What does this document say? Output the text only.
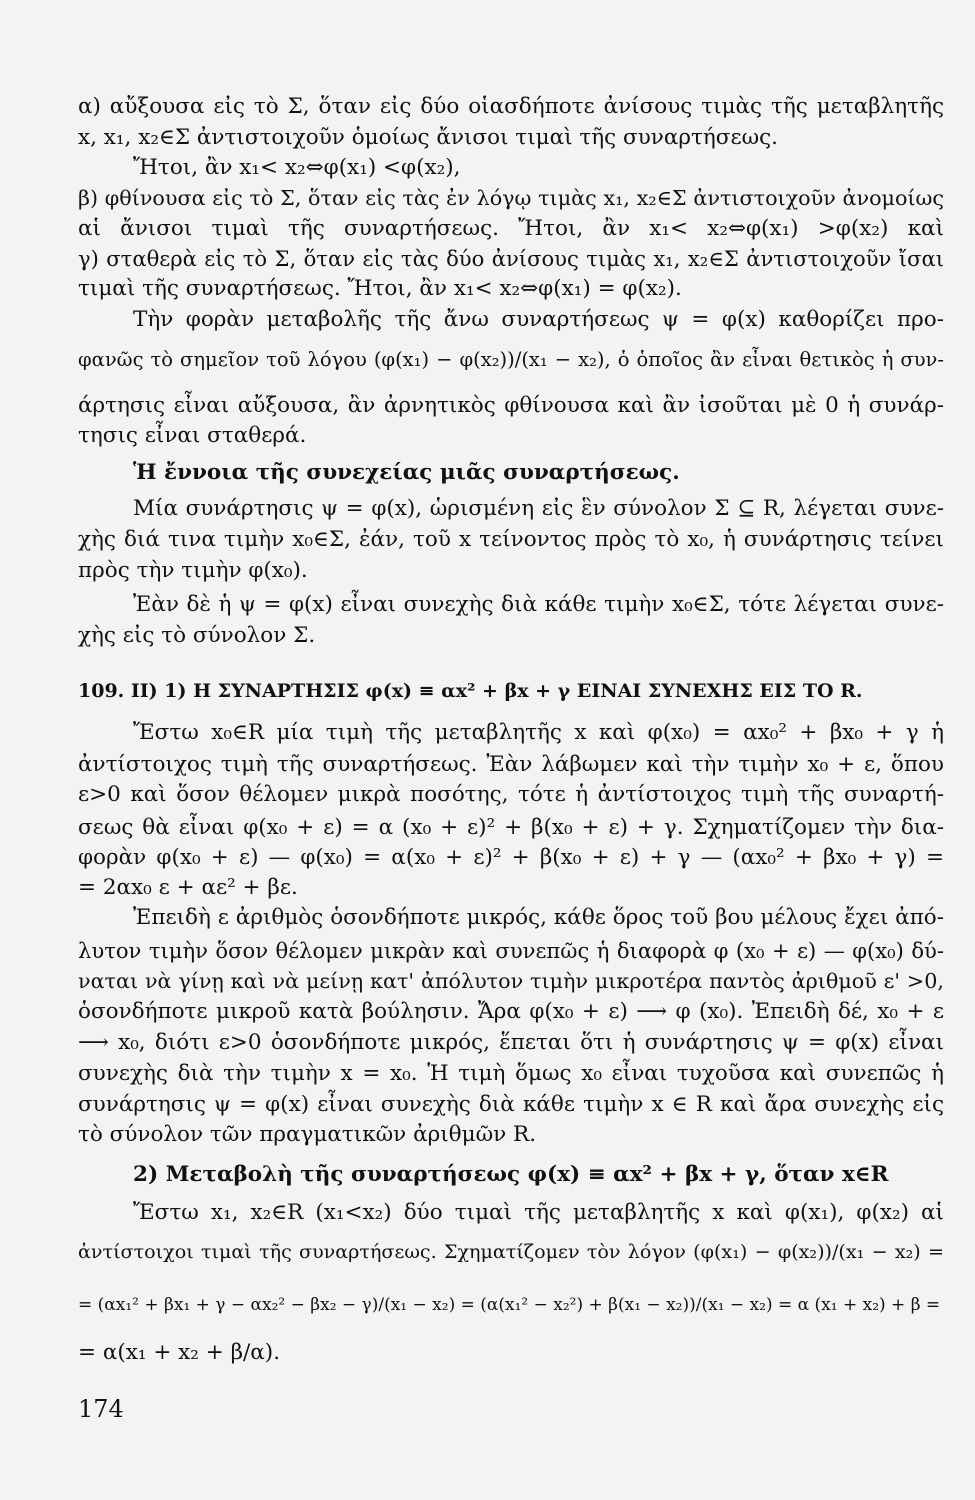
α) αὔξουσα εἰς τὸ Σ, ὅταν εἰς δύο οἱασδήποτε ἀνίσους τιμὰς τῆς μεταβλητῆς
x, x₁, x₂∈Σ ἀντιστοιχοῦν ὁμοίως ἄνισοι τιμαὶ τῆς συναρτήσεως.
Ἤτοι, ἂν x₁< x₂⇔φ(x₁) <φ(x₂),
β) φθίνουσα εἰς τὸ Σ, ὅταν εἰς τὰς ἐν λόγῳ τιμὰς x₁, x₂∈Σ ἀντιστοιχοῦν ἀνομοίως
αἱ ἄνισοι τιμαὶ τῆς συναρτήσεως. Ἤτοι, ἂν x₁< x₂⇔φ(x₁) >φ(x₂) καὶ
γ) σταθερὰ εἰς τὸ Σ, ὅταν εἰς τὰς δύο ἀνίσους τιμὰς x₁, x₂∈Σ ἀντιστοιχοῦν ἴσαι
τιμαὶ τῆς συναρτήσεως. Ἤτοι, ἂν x₁< x₂⇔φ(x₁) = φ(x₂).
Τὴν φορὰν μεταβολῆς τῆς ἄνω συναρτήσεως ψ = φ(x) καθορίζει προ-
φανῶς τὸ σημεῖον τοῦ λόγου (φ(x₁) − φ(x₂))/(x₁ − x₂), ὁ ὁποῖος ἂν εἶναι θετικὸς ἡ συν-
άρτησις εἶναι αὔξουσα, ἂν ἀρνητικὸς φθίνουσα καὶ ἂν ἰσοῦται μὲ 0 ἡ συνάρ-
τησις εἶναι σταθερά.
Ἡ ἔννοια τῆς συνεχείας μιᾶς συναρτήσεως.
Μία συνάρτησις ψ = φ(x), ὡρισμένη εἰς ἓν σύνολον Σ ⊆ R, λέγεται συνε-
χὴς διά τινα τιμὴν x₀∈Σ, ἐάν, τοῦ x τείνοντος πρὸς τὸ x₀, ἡ συνάρτησις τείνει
πρὸς τὴν τιμὴν φ(x₀).
Ἐὰν δὲ ἡ ψ = φ(x) εἶναι συνεχὴς διὰ κάθε τιμὴν x₀∈Σ, τότε λέγεται συνε-
χὴς εἰς τὸ σύνολον Σ.
109. II) 1) Η ΣΥΝΑΡΤΗΣΙΣ φ(x) ≡ αx² + βx + γ ΕΙΝΑΙ ΣΥΝΕΧΗΣ ΕΙΣ ΤΟ R.
Ἔστω x₀∈R μία τιμὴ τῆς μεταβλητῆς x καὶ φ(x₀) = αx₀² + βx₀ + γ ἡ
ἀντίστοιχος τιμὴ τῆς συναρτήσεως. Ἐὰν λάβωμεν καὶ τὴν τιμὴν x₀ + ε, ὅπου
ε>0 καὶ ὅσον θέλομεν μικρὰ ποσότης, τότε ἡ ἀντίστοιχος τιμὴ τῆς συναρτή-
σεως θὰ εἶναι φ(x₀ + ε) = α (x₀ + ε)² + β(x₀ + ε) + γ. Σχηματίζομεν τὴν δια-
φορὰν φ(x₀ + ε) — φ(x₀) = α(x₀ + ε)² + β(x₀ + ε) + γ — (αx₀² + βx₀ + γ) =
= 2αx₀ ε + αε² + βε.
Ἐπειδὴ ε ἀριθμὸς ὁσονδήποτε μικρός, κάθε ὅρος τοῦ βου μέλους ἔχει ἀπό-
λυτον τιμὴν ὅσον θέλομεν μικρὰν καὶ συνεπῶς ἡ διαφορὰ φ (x₀ + ε) — φ(x₀) δύ-
ναται νὰ γίνῃ καὶ νὰ μείνῃ κατ' ἀπόλυτον τιμὴν μικροτέρα παντὸς ἀριθμοῦ ε' >0,
ὁσονδήποτε μικροῦ κατὰ βούλησιν. Ἄρα φ(x₀ + ε) ⟶ φ (x₀). Ἐπειδὴ δέ, x₀ + ε
⟶ x₀, διότι ε>0 ὁσονδήποτε μικρός, ἕπεται ὅτι ἡ συνάρτησις ψ = φ(x) εἶναι
συνεχὴς διὰ τὴν τιμὴν x = x₀. Ἡ τιμὴ ὅμως x₀ εἶναι τυχοῦσα καὶ συνεπῶς ἡ
συνάρτησις ψ = φ(x) εἶναι συνεχὴς διὰ κάθε τιμὴν x ∈ R καὶ ἄρα συνεχὴς εἰς
τὸ σύνολον τῶν πραγματικῶν ἀριθμῶν R.
2) Μεταβολὴ τῆς συναρτήσεως φ(x) ≡ αx² + βx + γ, ὅταν x∈R
Ἔστω x₁, x₂∈R (x₁<x₂) δύο τιμαὶ τῆς μεταβλητῆς x καὶ φ(x₁), φ(x₂) αἱ
ἀντίστοιχοι τιμαὶ τῆς συναρτήσεως. Σχηματίζομεν τὸν λόγον (φ(x₁) − φ(x₂))/(x₁ − x₂) =
= (αx₁² + βx₁ + γ − αx₂² − βx₂ − γ)/(x₁ − x₂) = (α(x₁² − x₂²) + β(x₁ − x₂))/(x₁ − x₂) = α (x₁ + x₂) + β =
= α(x₁ + x₂ + β/α).
174
